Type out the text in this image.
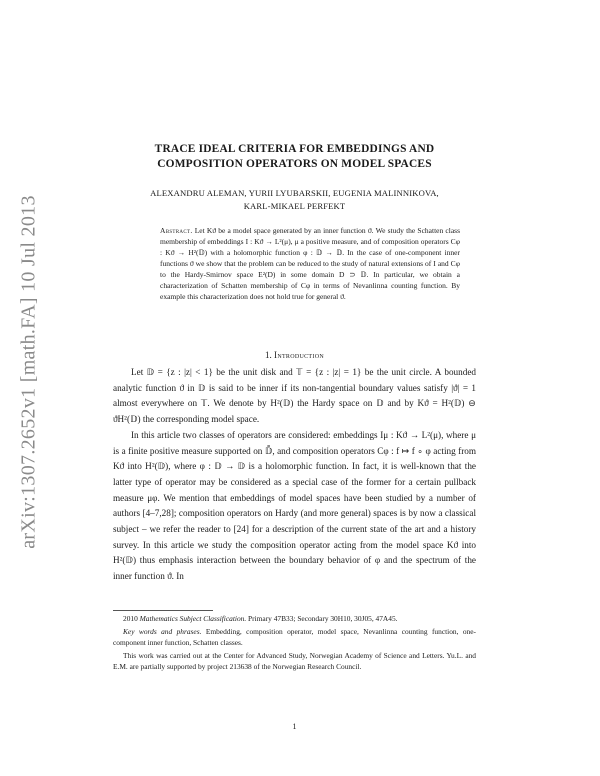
arXiv:1307.2652v1 [math.FA] 10 Jul 2013
TRACE IDEAL CRITERIA FOR EMBEDDINGS AND
COMPOSITION OPERATORS ON MODEL SPACES
ALEXANDRU ALEMAN, YURII LYUBARSKII, EUGENIA MALINNIKOVA,
KARL-MIKAEL PERFEKT

Abstract. Let Kϑ be a model space generated by an inner function ϑ. We study the Schatten class membership of embeddings I : Kϑ → L²(μ), μ a positive measure, and of composition operators Cφ : Kϑ → H²(𝔻) with a holomorphic function φ : 𝔻 → 𝔻. In the case of one-component inner functions ϑ we show that the problem can be reduced to the study of natural extensions of I and Cφ to the Hardy-Smirnov space E²(D) in some domain D ⊃ 𝔻. In particular, we obtain a characterization of Schatten membership of Cφ in terms of Nevanlinna counting function. By example this characterization does not hold true for general ϑ.

1. Introduction

Let 𝔻 = {z : |z| < 1} be the unit disk and 𝕋 = {z : |z| = 1} be the unit circle. A bounded analytic function ϑ in 𝔻 is said to be inner if its non-tangential boundary values satisfy |ϑ| = 1 almost everywhere on 𝕋. We denote by H²(𝔻) the Hardy space on 𝔻 and by Kϑ = H²(𝔻) ⊖ ϑH²(𝔻) the corresponding model space.

In this article two classes of operators are considered: embeddings Iμ : Kϑ → L²(μ), where μ is a finite positive measure supported on 𝔻̄, and composition operators Cφ : f ↦ f ∘ φ acting from Kϑ into H²(𝔻), where φ : 𝔻 → 𝔻 is a holomorphic function. In fact, it is well-known that the latter type of operator may be considered as a special case of the former for a certain pullback measure μφ. We mention that embeddings of model spaces have been studied by a number of authors [4–7,28]; composition operators on Hardy (and more general) spaces is by now a classical subject – we refer the reader to [24] for a description of the current state of the art and a history survey. In this article we study the composition operator acting from the model space Kϑ into H²(𝔻) thus emphasis interaction between the boundary behavior of φ and the spectrum of the inner function ϑ. In

2010 Mathematics Subject Classification. Primary 47B33; Secondary 30H10, 30J05, 47A45.

Key words and phrases. Embedding, composition operator, model space, Nevanlinna counting function, one-component inner function, Schatten classes.

This work was carried out at the Center for Advanced Study, Norwegian Academy of Science and Letters. Yu.L. and E.M. are partially supported by project 213638 of the Norwegian Research Council.

1
